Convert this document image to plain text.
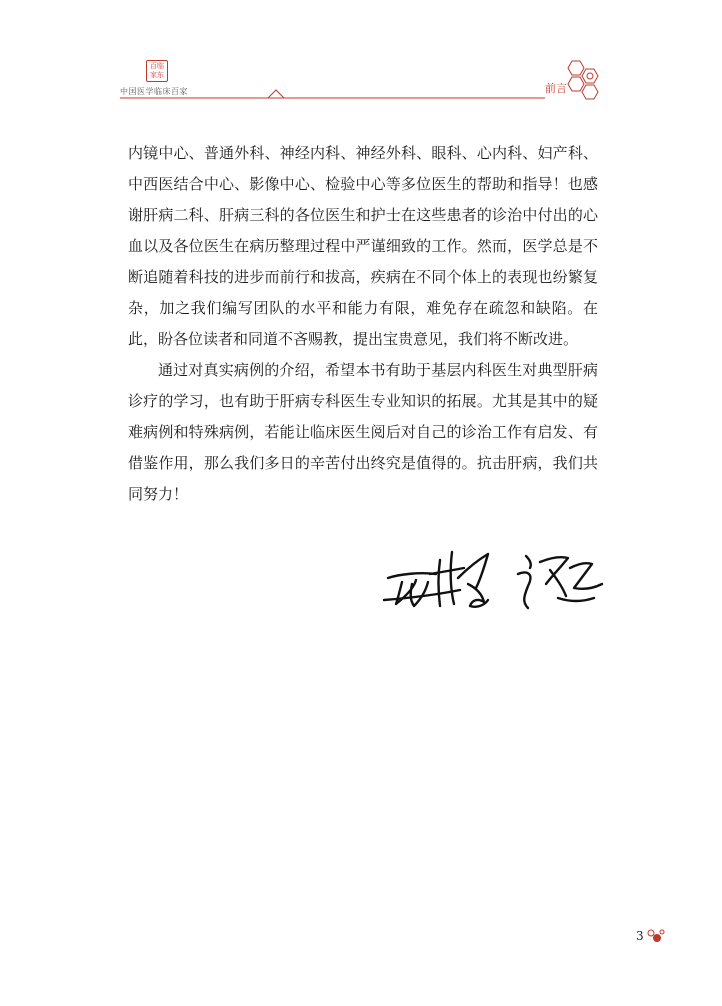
百临家东
中国医学临床百家	前言

内镜中心、普通外科、神经内科、神经外科、眼科、心内科、妇产科、中西医结合中心、影像中心、检验中心等多位医生的帮助和指导！也感谢肝病二科、肝病三科的各位医生和护士在这些患者的诊治中付出的心血以及各位医生在病历整理过程中严谨细致的工作。然而，医学总是不断追随着科技的进步而前行和拔高，疾病在不同个体上的表现也纷繁复杂，加之我们编写团队的水平和能力有限，难免存在疏忽和缺陷。在此，盼各位读者和同道不吝赐教，提出宝贵意见，我们将不断改进。

通过对真实病例的介绍，希望本书有助于基层内科医生对典型肝病诊疗的学习，也有助于肝病专科医生专业知识的拓展。尤其是其中的疑难病例和特殊病例，若能让临床医生阅后对自己的诊治工作有启发、有借鉴作用，那么我们多日的辛苦付出终究是值得的。抗击肝病，我们共同努力！

3
